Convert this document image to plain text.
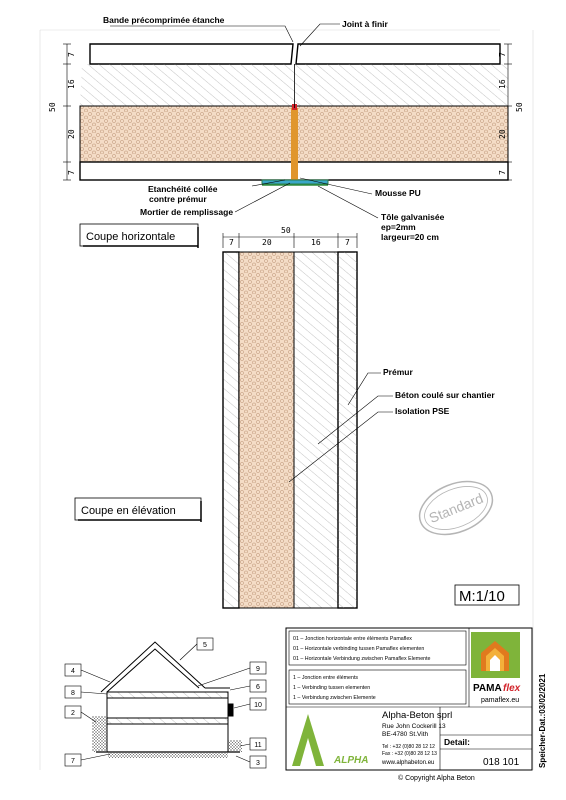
Bande précomprimée étanche	Joint à finir
Etanchéité collée
contre prémur
Mortier de remplissage
Mousse PU
Tôle galvanisée
ep=2mm
largeur=20 cm
50
7
16
20
7
50
7
16
20
7
Coupe horizontale
50
7	20	16	7
Prémur
Béton coulé sur chantier
Isolation PSE
Coupe en élévation	Standard
M:1/10
5
4	9
8
6
2
10
11
7	3
01 – Jonction horizontale entre éléments Pamaflex
01 – Horizontale verbinding tussen Pamaflex elementen
01 – Horizontale Verbindung zwischen Pamaflex Elemente
1 – Jonction entre éléments
1 – Verbinding tussen elementen
1 – Verbindung zwischen Elemente
PAMA flex
pamaflex.eu
ALPHA
Alpha-Beton sprl
Rue John Cockerill 13
BE-4780 St.Vith
Tel : +32 (0)80 28 12 12
Fax : +32 (0)80 28 12 13
www.alphabeton.eu
Detail:
018 101 Speicher-Dat.:03/02/2021
© Copyright Alpha Beton
